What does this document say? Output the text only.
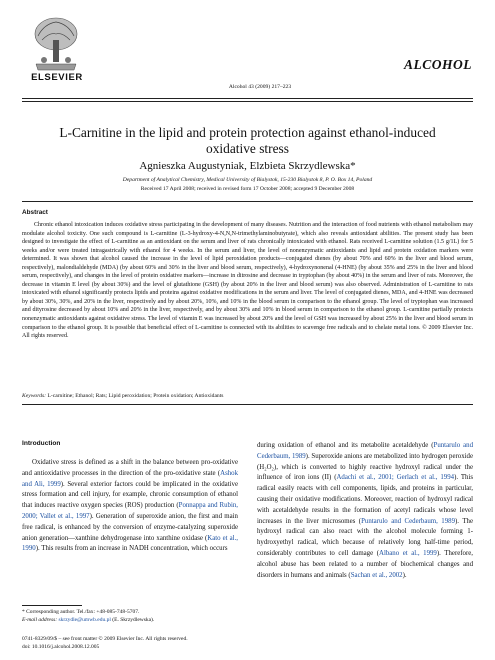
ELSEVIER
Alcohol 43 (2009) 217–223
ALCOHOL
L-Carnitine in the lipid and protein protection against ethanol-induced oxidative stress
Agnieszka Augustyniak, Elzbieta Skrzydlewska*
Department of Analytical Chemistry, Medical University of Bialystok, 15-230 Bialystok 8, P. O. Box 14, Poland
Received 17 April 2008; received in revised form 17 October 2008; accepted 9 December 2008
Abstract
Chronic ethanol intoxication induces oxidative stress participating in the development of many diseases. Nutrition and the interaction of food nutrients with ethanol metabolism may modulate alcohol toxicity. One such compound is L-carnitine (L-3-hydroxy-4-N,N,N-trimethylaminobutyrate), which also reveals antioxidant abilities. The present study has been designed to investigate the effect of L-carnitine as an antioxidant on the serum and liver of rats chronically intoxicated with ethanol. Rats received L-carnitine solution (1.5 g/1L) for 5 weeks and/or were treated intragastrically with ethanol for 4 weeks. In the serum and liver, the level of nonenzymatic antioxidants and lipid and protein oxidation markers were determined. It was shown that alcohol caused the increase in the level of lipid peroxidation products—conjugated dienes (by about 70% and 60% in the liver and blood serum, respectively), malondialdehyde (MDA) (by about 60% and 30% in the liver and blood serum, respectively), 4-hydroxynonenal (4-HNE) (by about 35% and 25% in the liver and blood serum, respectively), and changes in the level of protein oxidative markers—increase in ditrosine and decrease in tryptophan (by about 40%) in the serum and liver of rats. Moreover, the decrease in vitamin E level (by about 30%) and the level of glutathione (GSH) (by about 20% in the liver and blood serum) was also observed. Administration of L-carnitine to rats intoxicated with ethanol significantly protects lipids and proteins against oxidative modifications in the serum and liver. The level of conjugated dienes, MDA, and 4-HNE was decreased by about 30%, 30%, and 20% in the liver, respectively and by about 20%, 10%, and 10% in the blood serum in comparison to the ethanol group. The level of tryptophan was increased and dityrosine decreased by about 10% and 20% in the liver, respectively, and by about 30% and 10% in blood serum in comparison to the ethanol group. L-carnitine partially protects nonenzymatic antioxidants against oxidative stress. The level of vitamin E was increased by about 20% and the level of GSH was increased by about 25% in the liver and blood serum in comparison to the ethanol group. It is possible that beneficial effect of L-carnitine is connected with its abilities to scavenge free radicals and to chelate metal ions. © 2009 Elsevier Inc. All rights reserved.
Keywords: L-carnitine; Ethanol; Rats; Lipid peroxidation; Protein oxidation; Antioxidants
Introduction
Oxidative stress is defined as a shift in the balance between pro-oxidative and antioxidative processes in the direction of the pro-oxidative state (Ashok and Ali, 1999). Several exterior factors could be implicated in the oxidative stress formation and cell injury, for example, chronic consumption of ethanol that induces reactive oxygen species (ROS) production (Ponnappa and Rubin, 2000; Vallet et al., 1997). Generation of superoxide anion, the first and main free radical, is enhanced by the conversion of enzyme-catalyzing superoxide anion generation—xanthine dehydrogenase into xanthine oxidase (Kato et al., 1990). This results from an increase in NADH concentration, which occurs
during oxidation of ethanol and its metabolite acetaldehyde (Puntarulo and Cederbaum, 1989). Superoxide anions are metabolized into hydrogen peroxide (H₂O₂), which is converted to highly reactive hydroxyl radical under the influence of iron ions (II) (Adachi et al., 2001; Gerlach et al., 1994). This radical easily reacts with cell components, lipids, and proteins in particular, causing their oxidative modifications. Moreover, reaction of hydroxyl radical with acetaldehyde results in the formation of acetyl radicals whose level increases in the liver microsomes (Puntarulo and Cederbaum, 1989). The hydroxyl radical can also react with the alcohol molecule forming 1-hydroxyethyl radical, which because of relatively long half-time period, considerably contributes to cell damage (Albano et al., 1999). Therefore, alcohol abuse has been related to a number of biochemical changes and disorders in humans and animals (Sachan et al., 2002).
* Corresponding author. Tel./fax: +48-085-748-5707.
E-mail address: skrzydle@umwb.edu.pl (E. Skrzydlewska).
0741-8329/09/$ – see front matter © 2009 Elsevier Inc. All rights reserved.
doi: 10.1016/j.alcohol.2008.12.005
